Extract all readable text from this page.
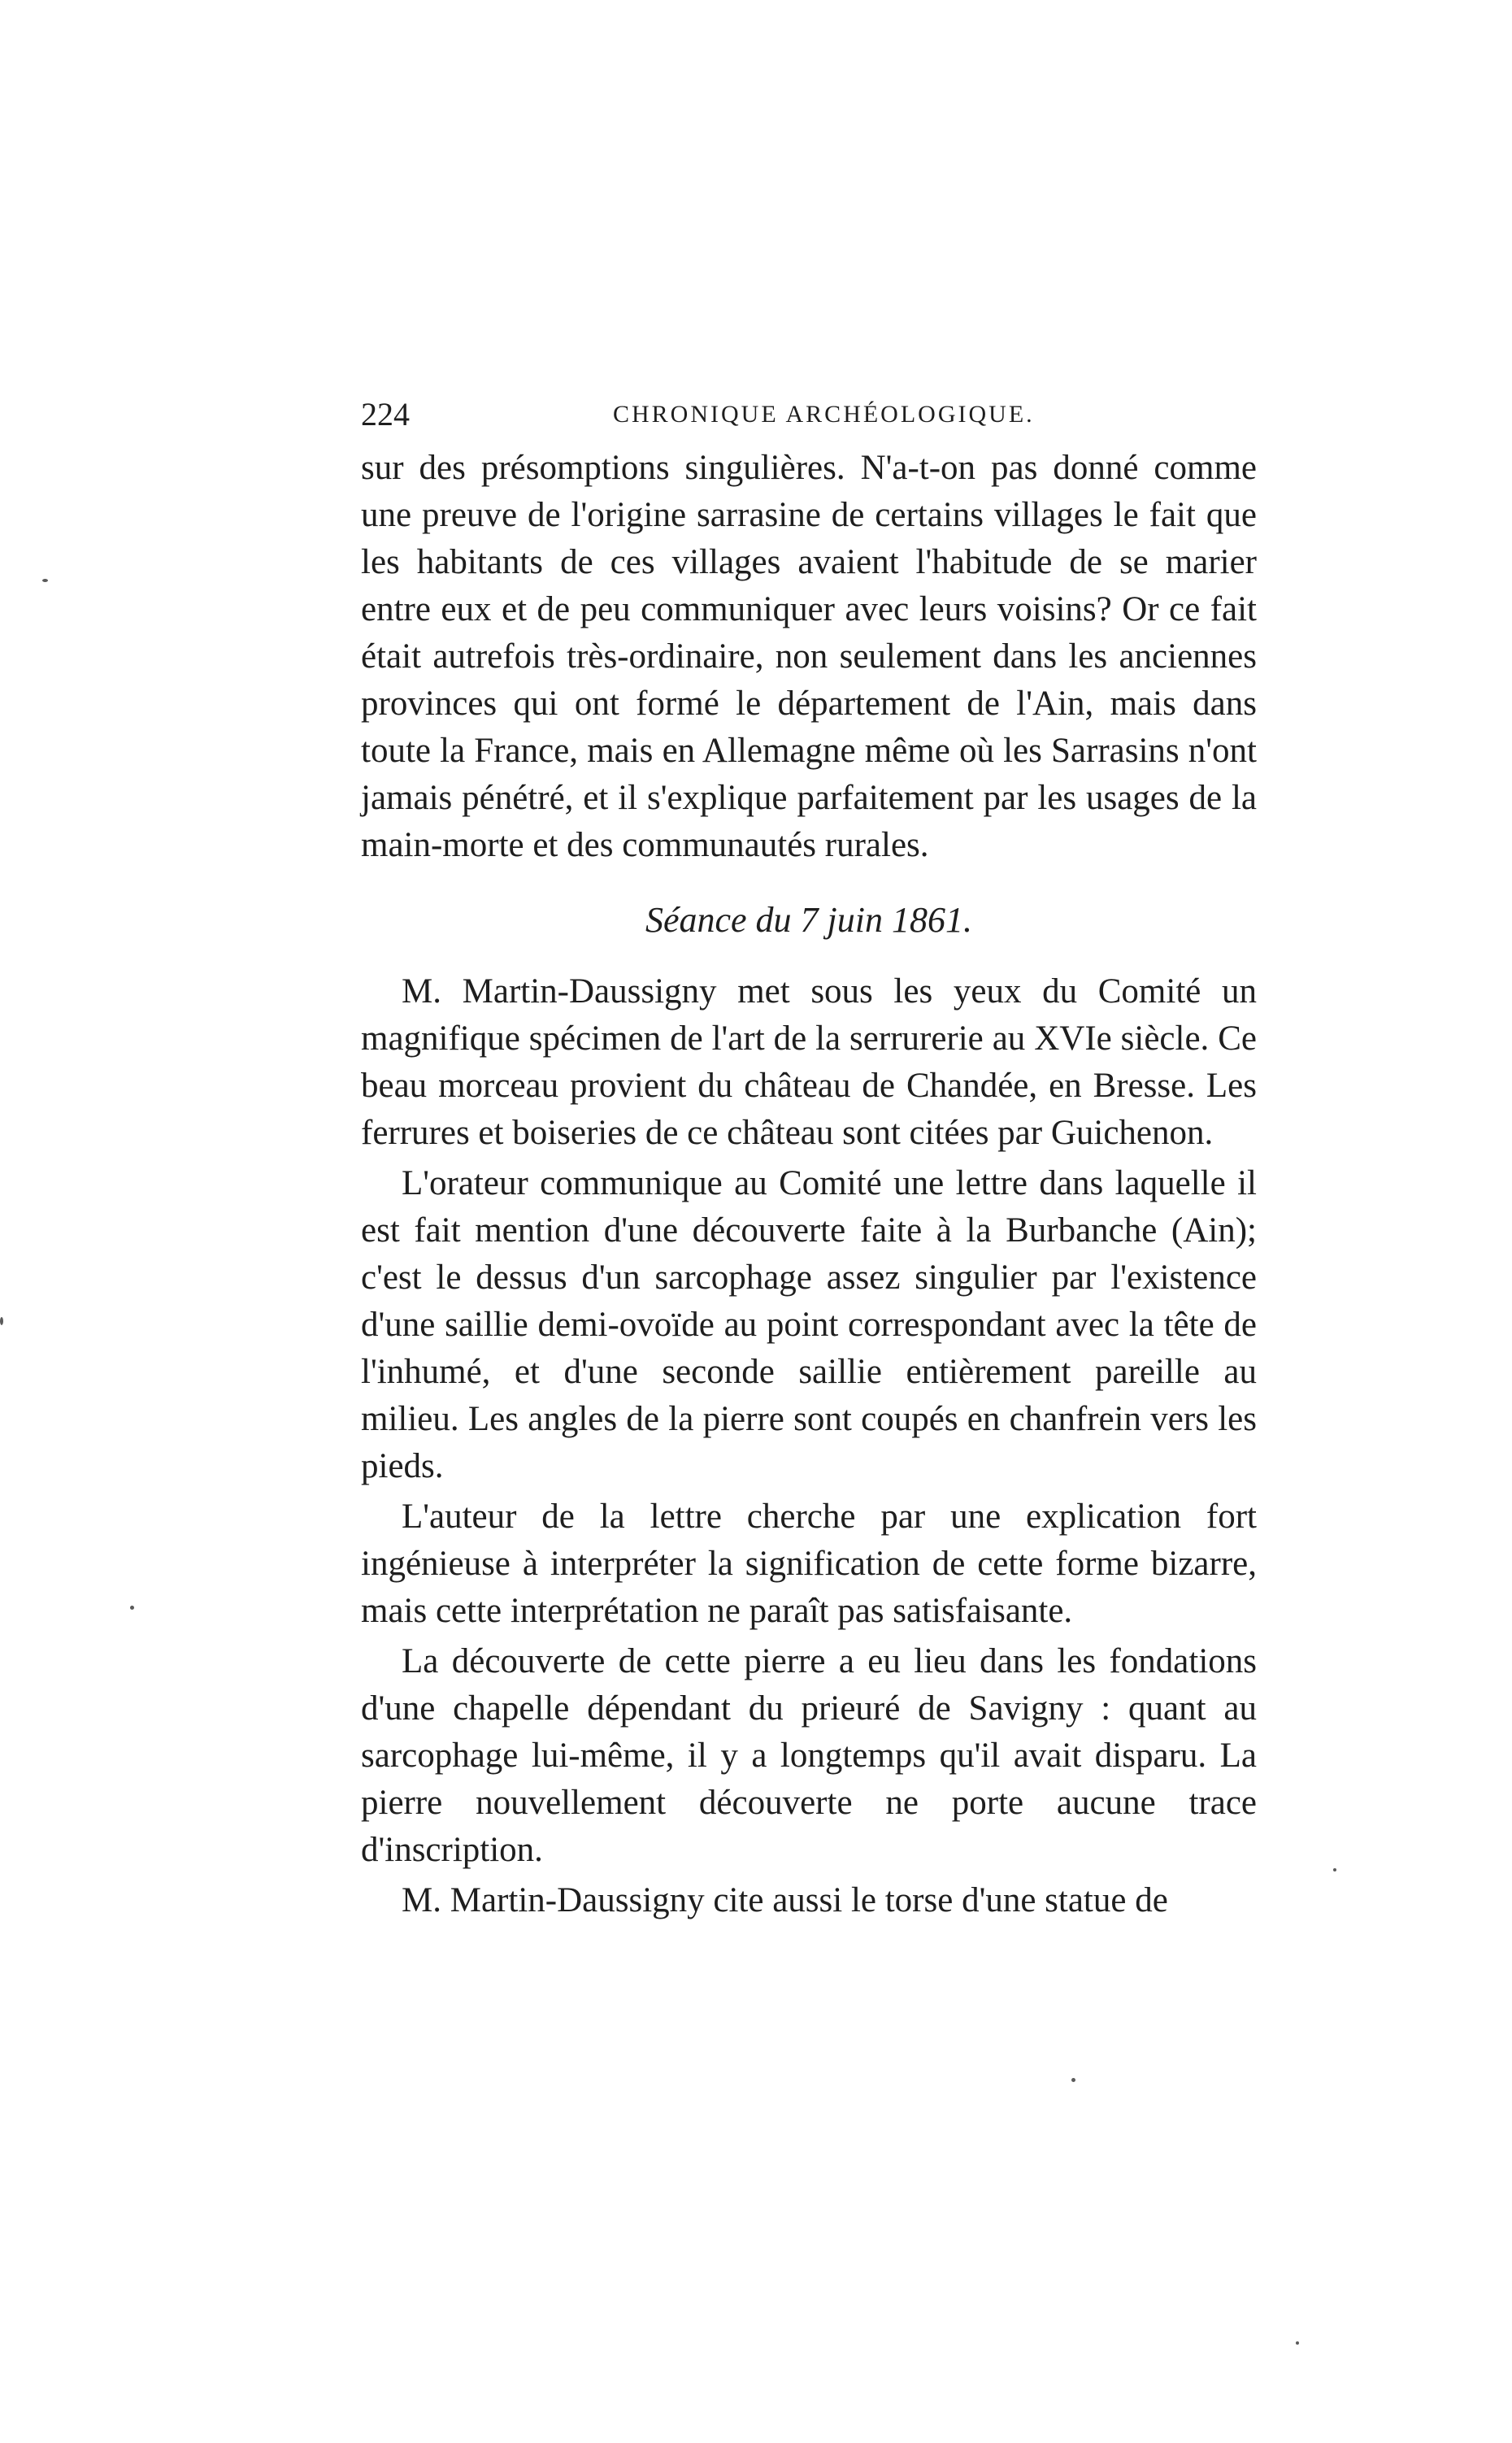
224	CHRONIQUE ARCHÉOLOGIQUE.

sur des présomptions singulières. N'a-t-on pas donné comme une preuve de l'origine sarrasine de certains villages le fait que les habitants de ces villages avaient l'habitude de se marier entre eux et de peu communiquer avec leurs voisins? Or ce fait était autrefois très-ordinaire, non seulement dans les anciennes provinces qui ont formé le département de l'Ain, mais dans toute la France, mais en Allemagne même où les Sarrasins n'ont jamais pénétré, et il s'explique parfaitement par les usages de la main-morte et des communautés rurales.

Séance du 7 juin 1861.

M. Martin-Daussigny met sous les yeux du Comité un magnifique spécimen de l'art de la serrurerie au XVIe siècle. Ce beau morceau provient du château de Chandée, en Bresse. Les ferrures et boiseries de ce château sont citées par Guichenon.

L'orateur communique au Comité une lettre dans laquelle il est fait mention d'une découverte faite à la Burbanche (Ain); c'est le dessus d'un sarcophage assez singulier par l'existence d'une saillie demi-ovoïde au point correspondant avec la tête de l'inhumé, et d'une seconde saillie entièrement pareille au milieu. Les angles de la pierre sont coupés en chanfrein vers les pieds.

L'auteur de la lettre cherche par une explication fort ingénieuse à interpréter la signification de cette forme bizarre, mais cette interprétation ne paraît pas satisfaisante.

La découverte de cette pierre a eu lieu dans les fondations d'une chapelle dépendant du prieuré de Savigny : quant au sarcophage lui-même, il y a longtemps qu'il avait disparu. La pierre nouvellement découverte ne porte aucune trace d'inscription.

M. Martin-Daussigny cite aussi le torse d'une statue de
